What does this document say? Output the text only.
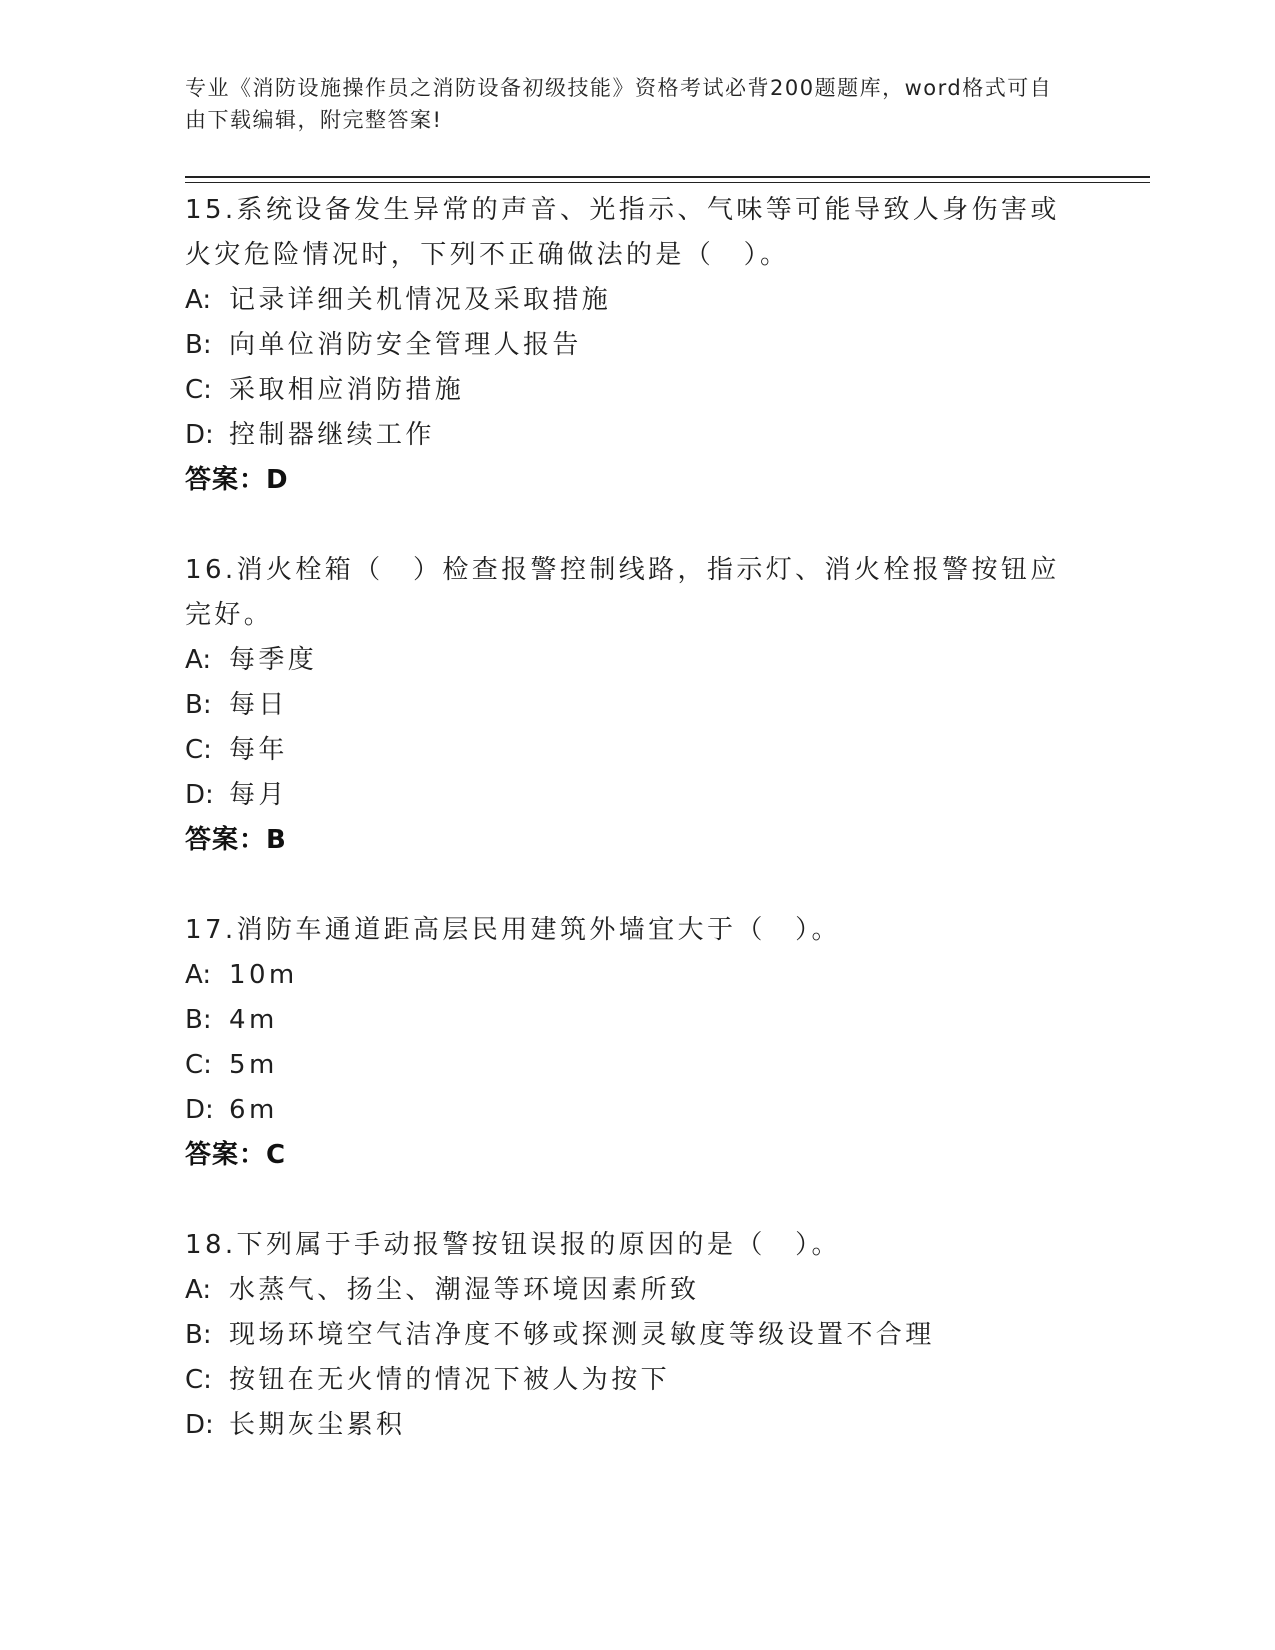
专业《消防设施操作员之消防设备初级技能》资格考试必背200题题库，word格式可自由下载编辑，附完整答案!
15.系统设备发生异常的声音、光指示、气味等可能导致人身伤害或火灾危险情况时，下列不正确做法的是（　）。
A: 记录详细关机情况及采取措施
B: 向单位消防安全管理人报告
C: 采取相应消防措施
D: 控制器继续工作
答案：D
16.消火栓箱（　）检查报警控制线路，指示灯、消火栓报警按钮应完好。
A: 每季度
B: 每日
C: 每年
D: 每月
答案：B
17.消防车通道距高层民用建筑外墙宜大于（　）。
A: 10m
B: 4m
C: 5m
D: 6m
答案：C
18.下列属于手动报警按钮误报的原因的是（　）。
A: 水蒸气、扬尘、潮湿等环境因素所致
B: 现场环境空气洁净度不够或探测灵敏度等级设置不合理
C: 按钮在无火情的情况下被人为按下
D: 长期灰尘累积
